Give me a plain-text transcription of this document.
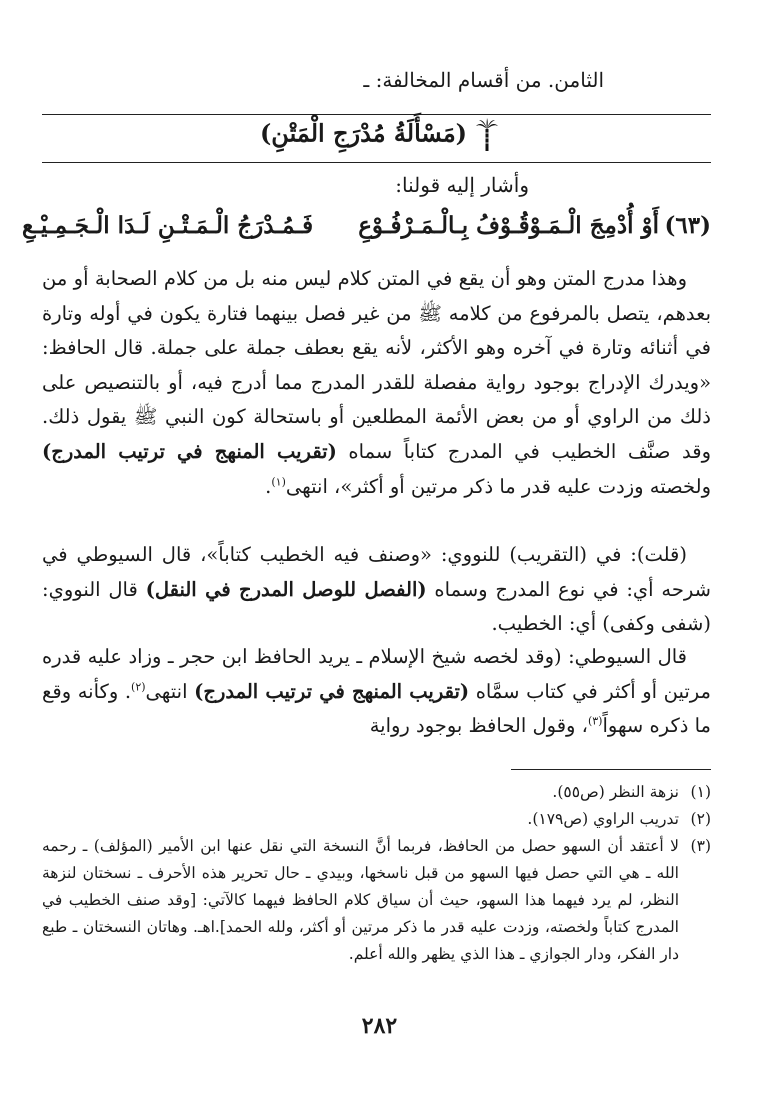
الثامن. من أقسام المخالفة: ـ
(مَسْأَلَةُ مُدْرَجِ الْمَتْنِ)
وأشار إليه قولنا:
(٦٣)
أَوْ أُدْمِجَ الْـمَـوْقُـوْفُ بِـالْـمَـرْفُـوْعِ
فَـمُـدْرَجُ الْـمَـتْـنِ لَـدَا الْـجَـمِـيْـعِ

وهذا مدرج المتن وهو أن يقع في المتن كلام ليس منه بل من كلام الصحابة أو من بعدهم، يتصل بالمرفوع من كلامه ﷺ من غير فصل بينهما فتارة يكون في أوله وتارة في أثنائه وتارة في آخره وهو الأكثر، لأنه يقع بعطف جملة على جملة. قال الحافظ: «ويدرك الإدراج بوجود رواية مفصلة للقدر المدرج مما أدرج فيه، أو بالتنصيص على ذلك من الراوي أو من بعض الأئمة المطلعين أو باستحالة كون النبي ﷺ يقول ذلك. وقد صنَّف الخطيب في المدرج كتاباً سماه (تقريب المنهج في ترتيب المدرج) ولخصته وزدت عليه قدر ما ذكر مرتين أو أكثر»، انتهى$^{(١)}$.

(قلت): في (التقريب) للنووي: «وصنف فيه الخطيب كتاباً»، قال السيوطي في شرحه أي: في نوع المدرج وسماه (الفصل للوصل المدرج في النقل) قال النووي: (شفى وكفى) أي: الخطيب.

قال السيوطي: (وقد لخصه شيخ الإسلام ـ يريد الحافظ ابن حجر ـ وزاد عليه قدره مرتين أو أكثر في كتاب سمَّاه (تقريب المنهج في ترتيب المدرج) انتهى$^{(٢)}$. وكأنه وقع ما ذكره سهواً$^{(٣)}$، وقول الحافظ بوجود رواية

(١)
نزهة النظر (ص٥٥).
(٢)
تدريب الراوي (ص١٧٩).
(٣)
لا أعتقد أن السهو حصل من الحافظ، فربما أنَّ النسخة التي نقل عنها ابن الأمير (المؤلف) ـ رحمه الله ـ هي التي حصل فيها السهو من قبل ناسخها، وبيدي ـ حال تحرير هذه الأحرف ـ نسختان لنزهة النظر، لم يرد فيهما هذا السهو، حيث أن سياق كلام الحافظ فيهما كالآتي: [وقد صنف الخطيب في المدرج كتاباً ولخصته، وزدت عليه قدر ما ذكر مرتين أو أكثر، ولله الحمد].اهـ. وهاتان النسختان ـ طبع دار الفكر، ودار الجوازي ـ هذا الذي يظهر والله أعلم.
٢٨٢
